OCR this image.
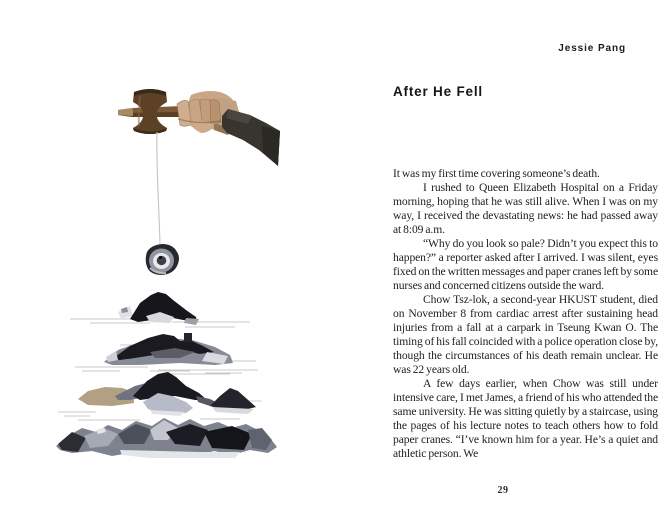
Jessie Pang
After He Fell

It was my first time covering someone’s death.

I rushed to Queen Elizabeth Hospital on a Friday morning, hoping that he was still alive. When I was on my way, I received the devastating news: he had passed away at 8:09 a.m.

“Why do you look so pale? Didn’t you expect this to happen?” a reporter asked after I arrived. I was silent, eyes fixed on the written messages and paper cranes left by some nurses and concerned citizens outside the ward.

Chow Tsz-lok, a second-year HKUST student, died on November 8 from cardiac arrest after sustaining head injuries from a fall at a carpark in Tseung Kwan O. The timing of his fall coincided with a police operation close by, though the circumstances of his death remain unclear. He was 22 years old.

A few days earlier, when Chow was still under intensive care, I met James, a friend of his who attended the same university. He was sitting quietly by a staircase, using the pages of his lecture notes to teach others how to fold paper cranes. “I’ve known him for a year. He’s a quiet and athletic person. We

29
